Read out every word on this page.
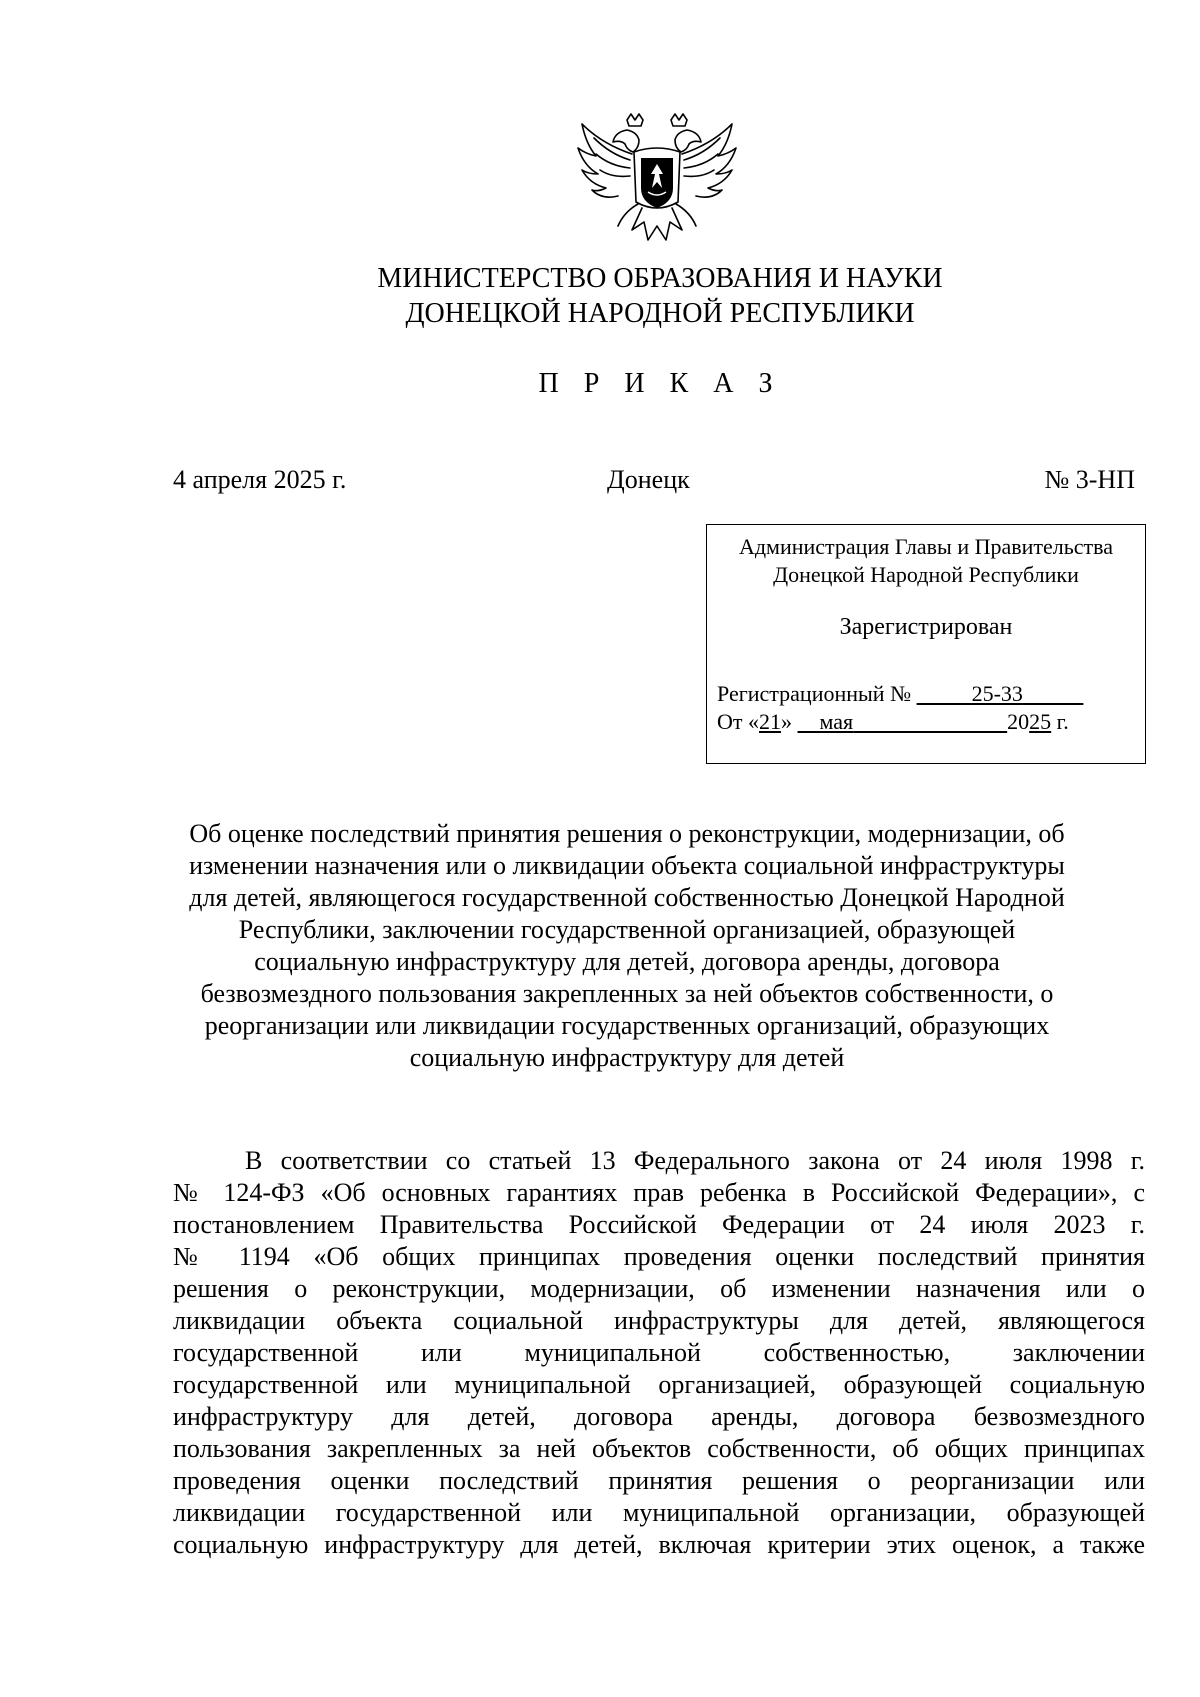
МИНИСТЕРСТВО ОБРАЗОВАНИЯ И НАУКИ
ДОНЕЦКОЙ НАРОДНОЙ РЕСПУБЛИКИ
П Р И К А З
4 апреля 2025 г.	Донецк	№ 3-НП
Администрация Главы и Правительства
Донецкой Народной Республики
Зарегистрирован
Регистрационный №	25-33
От «21» мая	2025 г.
Об оценке последствий принятия решения о реконструкции, модернизации, об
изменении назначения или о ликвидации объекта социальной инфраструктуры
для детей, являющегося государственной собственностью Донецкой Народной
Республики, заключении государственной организацией, образующей
социальную инфраструктуру для детей, договора аренды, договора
безвозмездного пользования закрепленных за ней объектов собственности, о
реорганизации или ликвидации государственных организаций, образующих
социальную инфраструктуру для детей
В соответствии со статьей 13 Федерального закона от 24 июля 1998 г.
№ 124-ФЗ «Об основных гарантиях прав ребенка в Российской Федерации», с
постановлением Правительства Российской Федерации от 24 июля 2023 г.
№ 1194 «Об общих принципах проведения оценки последствий принятия
решения о реконструкции, модернизации, об изменении назначения или о
ликвидации объекта социальной инфраструктуры для детей, являющегося
государственной или муниципальной собственностью, заключении
государственной или муниципальной организацией, образующей социальную
инфраструктуру для детей, договора аренды, договора безвозмездного
пользования закрепленных за ней объектов собственности, об общих принципах
проведения оценки последствий принятия решения о реорганизации или
ликвидации государственной или муниципальной организации, образующей
социальную инфраструктуру для детей, включая критерии этих оценок, а также
